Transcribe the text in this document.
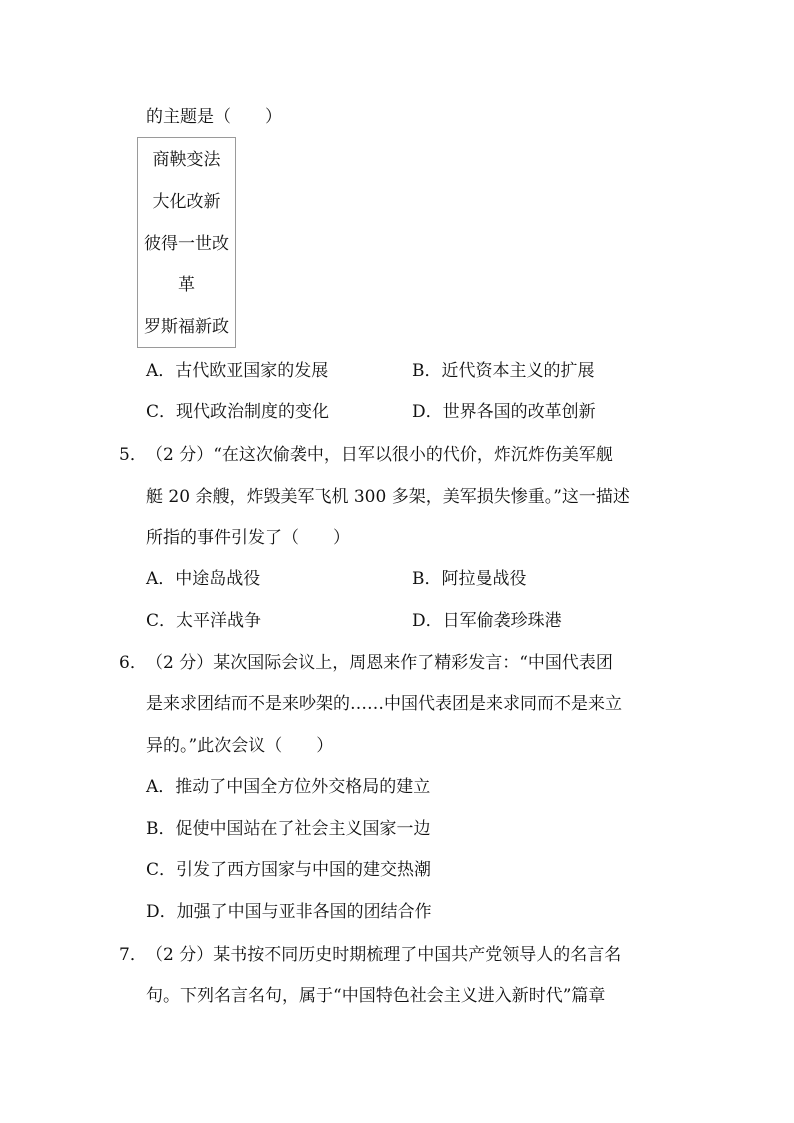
的主题是（　　）
商鞅变法
大化改新
彼得一世改
革
罗斯福新政
A．古代欧亚国家的发展	B．近代资本主义的扩展
C．现代政治制度的变化	D．世界各国的改革创新
5． （2 分）“在这次偷袭中，日军以很小的代价，炸沉炸伤美军舰
艇 20 余艘，炸毁美军飞机 300 多架，美军损失惨重。”这一描述
所指的事件引发了（　　）
A．中途岛战役	B．阿拉曼战役
C．太平洋战争	D．日军偷袭珍珠港
6． （2 分）某次国际会议上，周恩来作了精彩发言：“中国代表团
是来求团结而不是来吵架的……中国代表团是来求同而不是来立
异的。”此次会议（　　）
A．推动了中国全方位外交格局的建立
B．促使中国站在了社会主义国家一边
C．引发了西方国家与中国的建交热潮
D．加强了中国与亚非各国的团结合作
7． （2 分）某书按不同历史时期梳理了中国共产党领导人的名言名
句。下列名言名句，属于“中国特色社会主义进入新时代”篇章
